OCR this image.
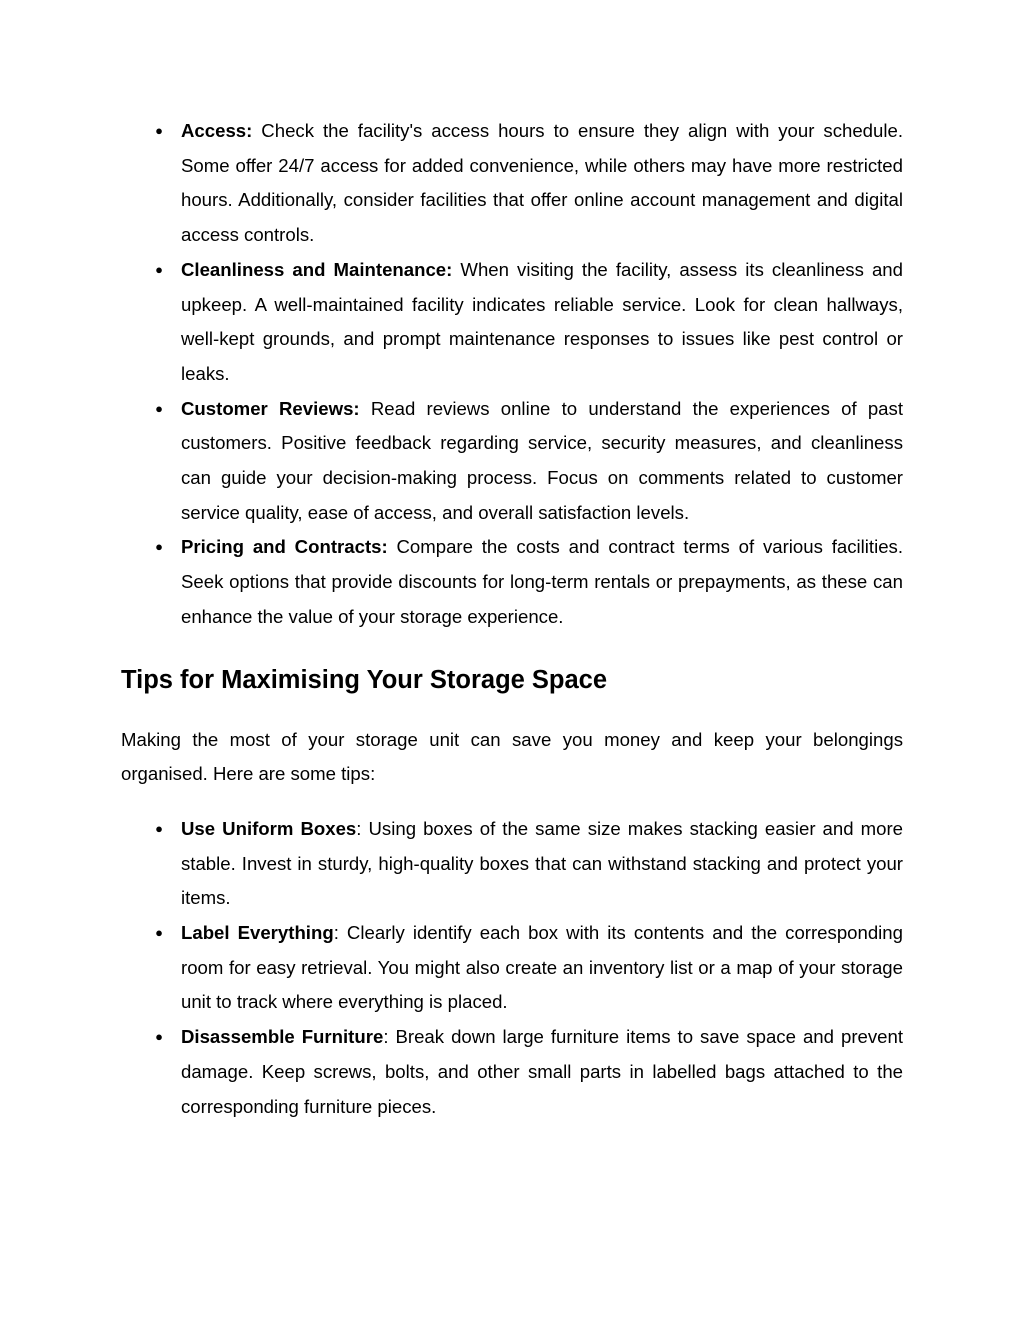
● Access: Check the facility's access hours to ensure they align with your schedule. Some offer 24/7 access for added convenience, while others may have more restricted hours. Additionally, consider facilities that offer online account management and digital access controls.
● Cleanliness and Maintenance: When visiting the facility, assess its cleanliness and upkeep. A well-maintained facility indicates reliable service. Look for clean hallways, well-kept grounds, and prompt maintenance responses to issues like pest control or leaks.
● Customer Reviews: Read reviews online to understand the experiences of past customers. Positive feedback regarding service, security measures, and cleanliness can guide your decision-making process. Focus on comments related to customer service quality, ease of access, and overall satisfaction levels.
● Pricing and Contracts: Compare the costs and contract terms of various facilities. Seek options that provide discounts for long-term rentals or prepayments, as these can enhance the value of your storage experience.
Tips for Maximising Your Storage Space

Making the most of your storage unit can save you money and keep your belongings organised. Here are some tips:

● Use Uniform Boxes: Using boxes of the same size makes stacking easier and more stable. Invest in sturdy, high-quality boxes that can withstand stacking and protect your items.
● Label Everything: Clearly identify each box with its contents and the corresponding room for easy retrieval. You might also create an inventory list or a map of your storage unit to track where everything is placed.
● Disassemble Furniture: Break down large furniture items to save space and prevent damage. Keep screws, bolts, and other small parts in labelled bags attached to the corresponding furniture pieces.
